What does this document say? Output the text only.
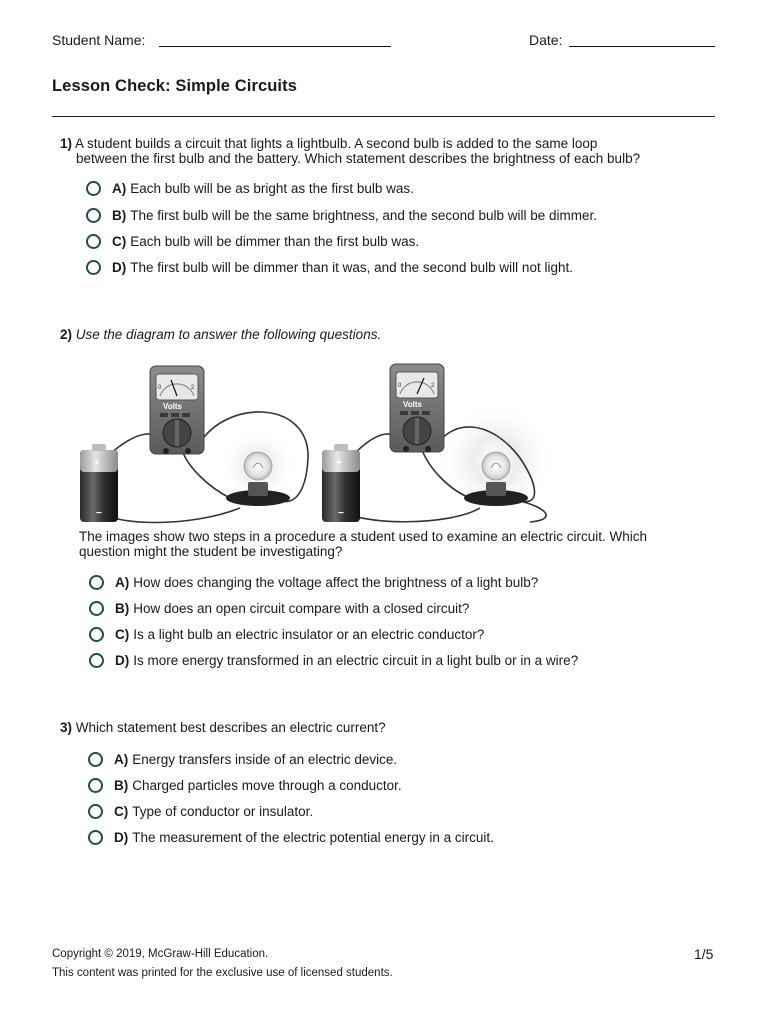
Student Name:	Date:
Lesson Check: Simple Circuits
1) A student builds a circuit that lights a lightbulb. A second bulb is added to the same loop
between the first bulb and the battery. Which statement describes the brightness of each bulb?
A) Each bulb will be as bright as the first bulb was.
B) The first bulb will be the same brightness, and the second bulb will be dimmer.
C) Each bulb will be dimmer than the first bulb was.
D) The first bulb will be dimmer than it was, and the second bulb will not light.
2) Use the diagram to answer the following questions.
+
−
0	2
Volts
+
−
0	2
Volts
The images show two steps in a procedure a student used to examine an electric circuit. Which
question might the student be investigating?
A) How does changing the voltage affect the brightness of a light bulb?
B) How does an open circuit compare with a closed circuit?
C) Is a light bulb an electric insulator or an electric conductor?
D) Is more energy transformed in an electric circuit in a light bulb or in a wire?
3) Which statement best describes an electric current?
A) Energy transfers inside of an electric device.
B) Charged particles move through a conductor.
C) Type of conductor or insulator.
D) The measurement of the electric potential energy in a circuit.
Copyright © 2019, McGraw-Hill Education.	1/5
This content was printed for the exclusive use of licensed students.
